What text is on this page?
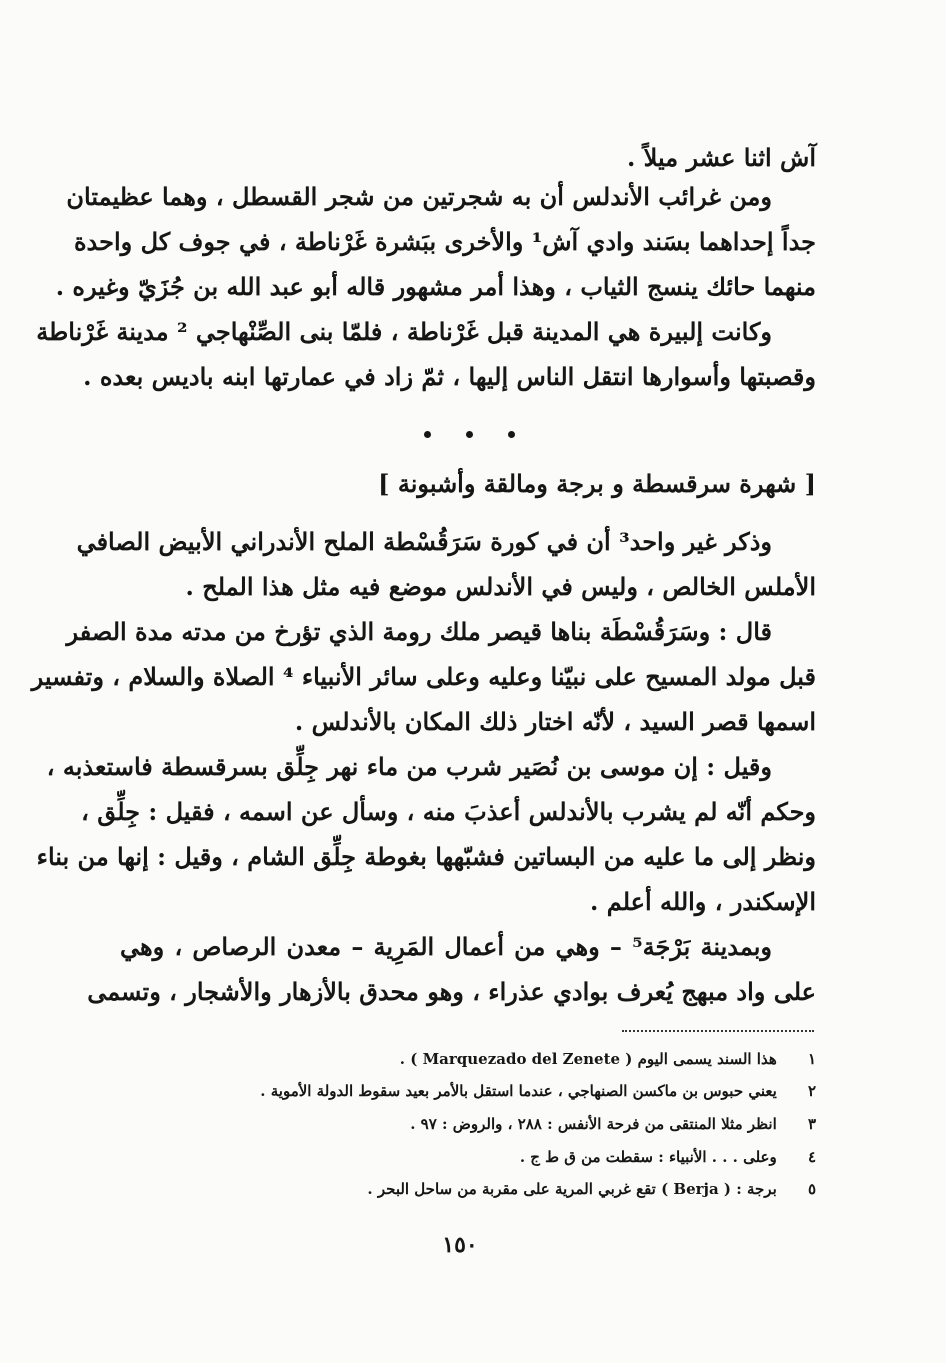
آش اثنا عشر ميلاً .
ومن غرائب الأندلس أن به شجرتين من شجر القسطل ، وهما عظيمتان
جداً إحداهما بسَند وادي آش¹ والأخرى ببَشرة غَرْناطة ، في جوف كل واحدة
منهما حائك ينسج الثياب ، وهذا أمر مشهور قاله أبو عبد الله بن جُزَيّ وغيره .
وكانت إلبيرة هي المدينة قبل غَرْناطة ، فلمّا بنى الصِّنْهاجي ² مدينة غَرْناطة
وقصبتها وأسوارها انتقل الناس إليها ، ثمّ زاد في عمارتها ابنه باديس بعده .
[ شهرة سرقسطة و برجة ومالقة وأشبونة ]
وذكر غير واحد³ أن في كورة سَرَقُسْطة الملح الأندراني الأبيض الصافي
الأملس الخالص ، وليس في الأندلس موضع فيه مثل هذا الملح .
قال : وسَرَقُسْطَة بناها قيصر ملك رومة الذي تؤرخ من مدته مدة الصفر
قبل مولد المسيح على نبيّنا وعليه وعلى سائر الأنبياء ⁴ الصلاة والسلام ، وتفسير
اسمها قصر السيد ، لأنّه اختار ذلك المكان بالأندلس .
وقيل : إن موسى بن نُصَير شرب من ماء نهر جِلِّق بسرقسطة فاستعذبه ،
وحكم أنّه لم يشرب بالأندلس أعذبَ منه ، وسأل عن اسمه ، فقيل : جِلِّق ،
ونظر إلى ما عليه من البساتين فشبّهها بغوطة جِلِّق الشام ، وقيل : إنها من بناء
الإسكندر ، والله أعلم .
وبمدينة بَرْجَة⁵ – وهي من أعمال المَرِية – معدن الرصاص ، وهي
على واد مبهج يُعرف بوادي عذراء ، وهو محدق بالأزهار والأشجار ، وتسمى
١ هذا السند يسمى اليوم ( Marquezado del Zenete ) .
٢ يعني حبوس بن ماكسن الصنهاجي ، عندما استقل بالأمر بعيد سقوط الدولة الأموية .
٣ انظر مثلا المنتقى من فرحة الأنفس : ٢٨٨ ، والروض : ٩٧ .
٤ وعلى . . . الأنبياء : سقطت من ق ط ج .
٥ برجة : ( Berja ) تقع غربي المرية على مقربة من ساحل البحر .
١٥٠
